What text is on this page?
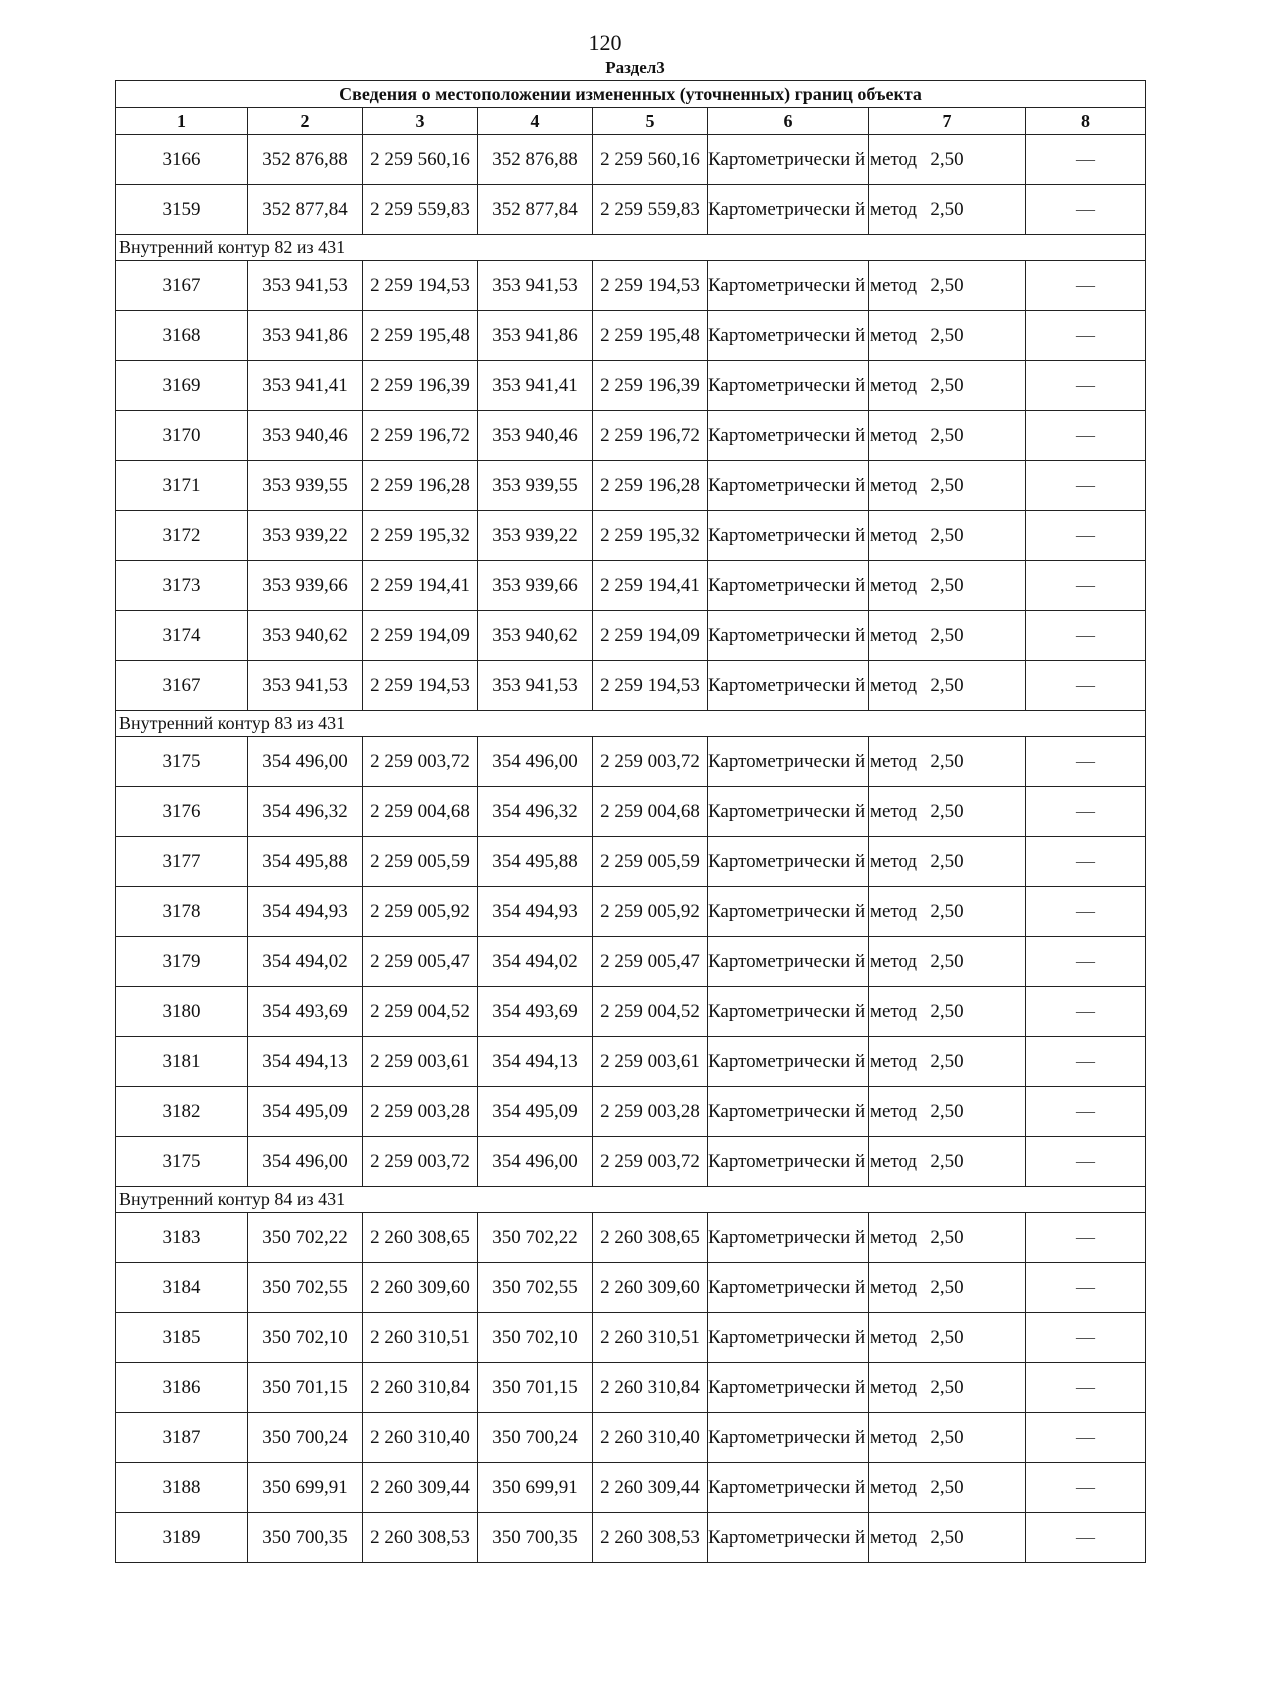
120
Раздел3
Сведения о местоположении измененных (уточненных) границ объекта							
1	2	3	4	5	6	7	8
3166	352 876,88	2 259 560,16	352 876,88	2 259 560,16	Картометрически й метод	2,50	—
3159	352 877,84	2 259 559,83	352 877,84	2 259 559,83	Картометрически й метод	2,50	—
Внутренний контур 82 из 431							
3167	353 941,53	2 259 194,53	353 941,53	2 259 194,53	Картометрически й метод	2,50	—
3168	353 941,86	2 259 195,48	353 941,86	2 259 195,48	Картометрически й метод	2,50	—
3169	353 941,41	2 259 196,39	353 941,41	2 259 196,39	Картометрически й метод	2,50	—
3170	353 940,46	2 259 196,72	353 940,46	2 259 196,72	Картометрически й метод	2,50	—
3171	353 939,55	2 259 196,28	353 939,55	2 259 196,28	Картометрически й метод	2,50	—
3172	353 939,22	2 259 195,32	353 939,22	2 259 195,32	Картометрически й метод	2,50	—
3173	353 939,66	2 259 194,41	353 939,66	2 259 194,41	Картометрически й метод	2,50	—
3174	353 940,62	2 259 194,09	353 940,62	2 259 194,09	Картометрически й метод	2,50	—
3167	353 941,53	2 259 194,53	353 941,53	2 259 194,53	Картометрически й метод	2,50	—
Внутренний контур 83 из 431							
3175	354 496,00	2 259 003,72	354 496,00	2 259 003,72	Картометрически й метод	2,50	—
3176	354 496,32	2 259 004,68	354 496,32	2 259 004,68	Картометрически й метод	2,50	—
3177	354 495,88	2 259 005,59	354 495,88	2 259 005,59	Картометрически й метод	2,50	—
3178	354 494,93	2 259 005,92	354 494,93	2 259 005,92	Картометрически й метод	2,50	—
3179	354 494,02	2 259 005,47	354 494,02	2 259 005,47	Картометрически й метод	2,50	—
3180	354 493,69	2 259 004,52	354 493,69	2 259 004,52	Картометрически й метод	2,50	—
3181	354 494,13	2 259 003,61	354 494,13	2 259 003,61	Картометрически й метод	2,50	—
3182	354 495,09	2 259 003,28	354 495,09	2 259 003,28	Картометрически й метод	2,50	—
3175	354 496,00	2 259 003,72	354 496,00	2 259 003,72	Картометрически й метод	2,50	—
Внутренний контур 84 из 431							
3183	350 702,22	2 260 308,65	350 702,22	2 260 308,65	Картометрически й метод	2,50	—
3184	350 702,55	2 260 309,60	350 702,55	2 260 309,60	Картометрически й метод	2,50	—
3185	350 702,10	2 260 310,51	350 702,10	2 260 310,51	Картометрически й метод	2,50	—
3186	350 701,15	2 260 310,84	350 701,15	2 260 310,84	Картометрически й метод	2,50	—
3187	350 700,24	2 260 310,40	350 700,24	2 260 310,40	Картометрически й метод	2,50	—
3188	350 699,91	2 260 309,44	350 699,91	2 260 309,44	Картометрически й метод	2,50	—
3189	350 700,35	2 260 308,53	350 700,35	2 260 308,53	Картометрически й метод	2,50	—
